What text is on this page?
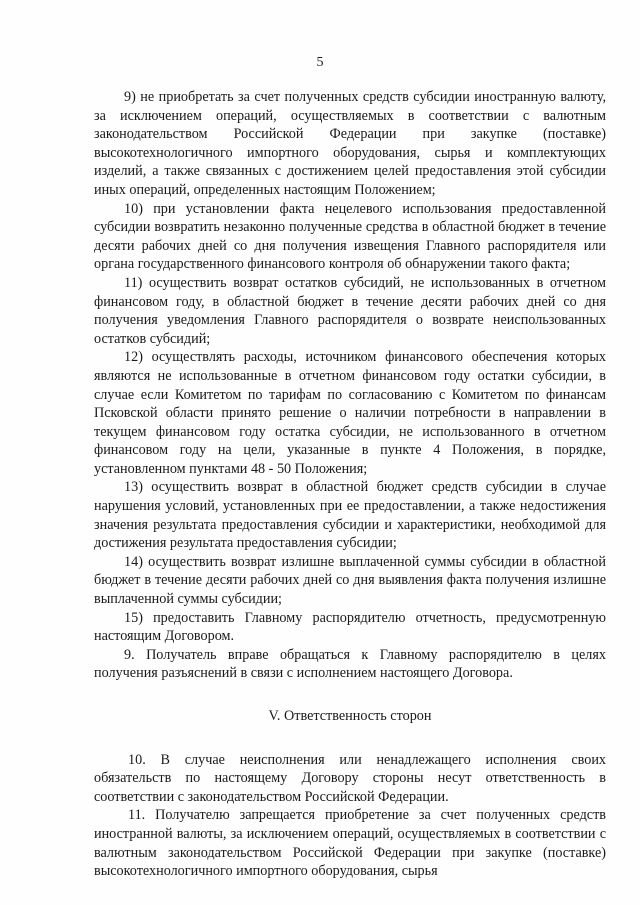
5

9) не приобретать за счет полученных средств субсидии иностранную валюту, за исключением операций, осуществляемых в соответствии с валютным законодательством Российской Федерации при закупке (поставке) высокотехнологичного импортного оборудования, сырья и комплектующих изделий, а также связанных с достижением целей предоставления этой субсидии иных операций, определенных настоящим Положением;

10) при установлении факта нецелевого использования предоставленной субсидии возвратить незаконно полученные средства в областной бюджет в течение десяти рабочих дней со дня получения извещения Главного распорядителя или органа государственного финансового контроля об обнаружении такого факта;

11) осуществить возврат остатков субсидий, не использованных в отчетном финансовом году, в областной бюджет в течение десяти рабочих дней со дня получения уведомления Главного распорядителя о возврате неиспользованных остатков субсидий;

12) осуществлять расходы, источником финансового обеспечения которых являются не использованные в отчетном финансовом году остатки субсидии, в случае если Комитетом по тарифам по согласованию с Комитетом по финансам Псковской области принято решение о наличии потребности в направлении в текущем финансовом году остатка субсидии, не использованного в отчетном финансовом году на цели, указанные в пункте 4 Положения, в порядке, установленном пунктами 48 - 50 Положения;

13) осуществить возврат в областной бюджет средств субсидии в случае нарушения условий, установленных при ее предоставлении, а также недостижения значения результата предоставления субсидии и характеристики, необходимой для достижения результата предоставления субсидии;

14) осуществить возврат излишне выплаченной суммы субсидии в областной бюджет в течение десяти рабочих дней со дня выявления факта получения излишне выплаченной суммы субсидии;

15) предоставить Главному распорядителю отчетность, предусмотренную настоящим Договором.

9. Получатель вправе обращаться к Главному распорядителю в целях получения разъяснений в связи с исполнением настоящего Договора.

V. Ответственность сторон

10. В случае неисполнения или ненадлежащего исполнения своих обязательств по настоящему Договору стороны несут ответственность в соответствии с законодательством Российской Федерации.

11. Получателю запрещается приобретение за счет полученных средств иностранной валюты, за исключением операций, осуществляемых в соответствии с валютным законодательством Российской Федерации при закупке (поставке) высокотехнологичного импортного оборудования, сырья
